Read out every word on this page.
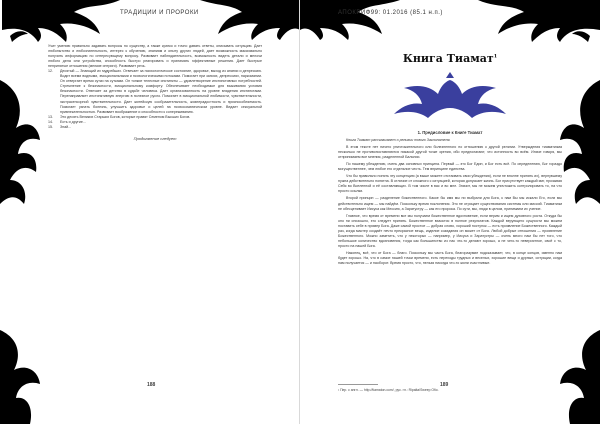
ТРАДИЦИИ И ПРОРОКИ
Учит умению правильно задавать вопросы по существу, а также кратко и точно давать ответы, описывать ситуацию. Дает любопытство и любознательность, интерес к обучению, знаниям и опыту других людей, дает возможность максимально получить информацию по интересующему вопросу. Развивает наблюдательность, возможность видеть детали и мелочи любого дела или устройства, способность быстро реагировать и принимать эффективные решения. Дает быстрые непринятые отношения (мелкие интриги). Развивает речь.
12. Десятый — Знающий их мудрейших. Отвечает за психологическое состояние, здоровье, выход из апатии и депрессию. Водит всеми водными, эмоциональными и психологическими потоками. Помогает при запоях, депрессиях, наркомании. Он отвергает время сутки на сутками. Он тонкие телесные инстинкты — удовлетворение инстинктивных потребностей. Стремление к безопасности, эмоциональному комфорту. Обеспечивает необходимые для выживания условия безопасности. Отвечает за детство в судьбе человека. Дает организованность на уровне владения инстинктами. Перенаправляет инстинктивную энергию в полезное русло. Помогает в эмоциональной любимости, чувствительности, экстрасенсорной чувствительности. Дает житейскую сообразительность, жизнерадостность и приспособляемость. Помогает узнать болезнь, улучшить здоровье и целей на психосоматическом уровне. Ведает сексуальной привлекательностью. Развивает воображение и способности к сопереживанию.
13. Это десять Великих Старших Богов, которые правят Семеном Высших Богов.
14. Есть и другие...
15. Знай...
Продолжение следует
188
АПОКРИФ99: 01.2016 (85.1 н.п.)
Книга Тиамат$^1$
1. Предисловие к Книге Тиамат

Книга Тиамат рассказывает о религии нового Заклинателя.

В этом тексте нет ничего уничтожительного или болезненного по отношению к другой религии. Утверждения тиаматизма несколько не противопоставляются никакой другой точке зрения, ибо предполагают, что истинность во всём. Иначе говоря, мы отпринимаем все мнения, разделенной Бальнии.

По нашему убеждению, очень два основных принципа. Первый — это Бог Един, и Бог есть всё. По определению, Бог гораздо могущественнее, чем любое его отдельное честь. Тем впринципе единства.

Что бы правильно понять эту концепцию (а выше можете отстаивать свои убеждения), если не вполне принять их), вернувшему нужна действительно понятна. В отличие от сложного с ситуацией, которая допускает жизнь. Бог присутствует каждый миг, прозывая Себя во Вселенной и её составляющих. В том числе в вас и во мне. Значит, мы не можем уничтожить контролировать то, на что просто ссылки.

Второй принцип — разделение божественного. Какое бы имя мы ни выбрали для Бога, к нам Вы мы искали Его, если мы действительно ищем — мы найдём. Поскольку время поклонения. Это не отрицает существования системы или миссий. Тиаматизм не обесценивает Иисуса как Мессию, а Заратустру — как его пророка. По сути, мы, люди в целом, принимаем их учение.

Главное, что время от времени все мы получаем божественное вдохновение, если верим и ищем духовного роста. Откуда бы оно ни снизошло, его следует принять. Божественное вхаоктис в полное результатов. Каждой верующего сущности мы можем поставить себе в пример Бога. Даже самой простое — добрая слово, хороший поступок — есть проявление Божественного. Каждый раз, когда мастер создаёт нечто прекрасное вещь, изделие созидания он может от Бога. Любой добрые отношения — проявление Божественного. Можно заметить, что у некоторых — например, у Иисуса и Заратустры — очень много нам бы нет того, что небольшое количество вдохновения, тогда как большинство из нас что-то делают хорошо, а не чего-то невероятное, своё с то, просто на нашей Бога.

Наконец, всё, что от Бога — благо. Поскольку мы часть Бога, благоразумие подсказывает, что, в конце концов, именно нам будет хорошо. На, что в самое нашей точки времени, есть переходы трудных и веселых, хорошие вещи и дурные, ситуации, когда нам получается — и наоборот. Время просто, что, нельзя никогда что-то жили счастливые.

¹ Пер. с англ. — http://tiamaton.com/, рус. гл.: Ripalta/Sweep Ofio.
189
